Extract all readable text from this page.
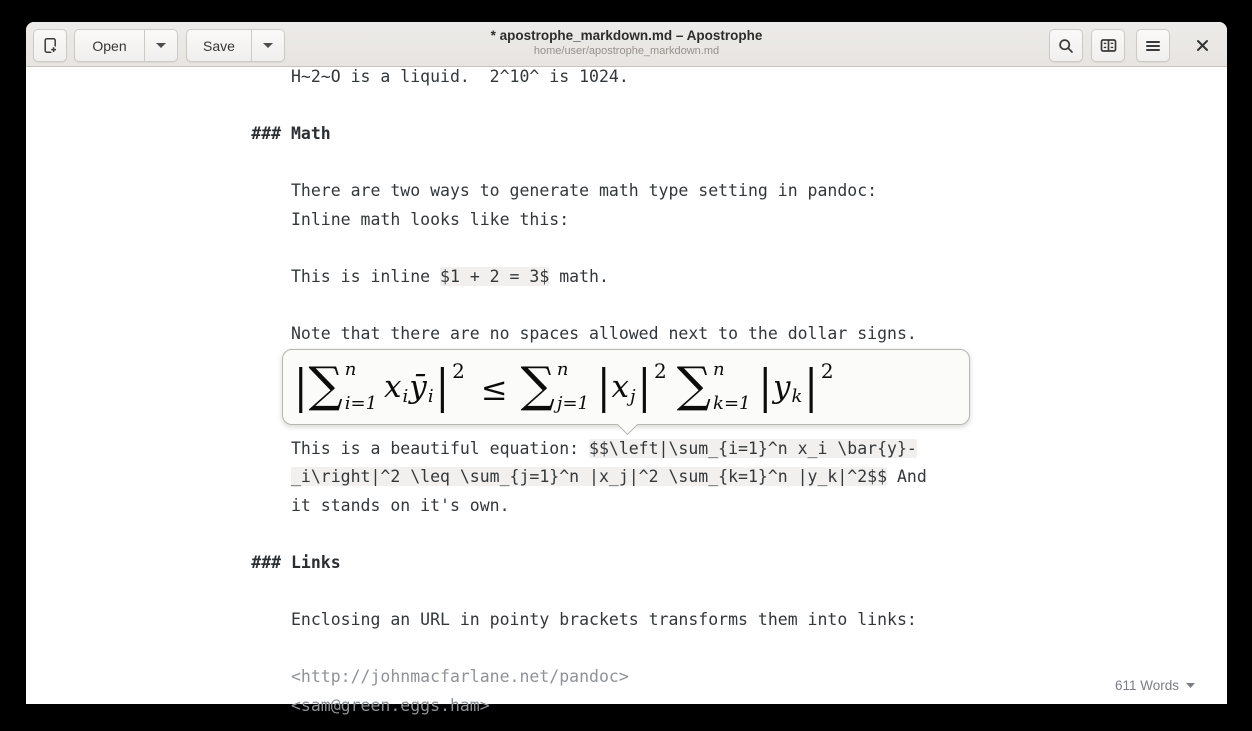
Open	Save
* apostrophe_markdown.md – Apostrophe
home/user/apostrophe_markdown.md
H~2~O is a liquid.  2^10^ is 1024.

### Math

There are two ways to generate math type setting in pandoc:
Inline math looks like this:

This is inline $1 + 2 = 3$ math.

Note that there are no spaces allowed next to the dollar signs.

This is a beautiful equation: $$\left|\sum_{i=1}^n x_i \bar{y}-
_i\right|^2 \leq \sum_{j=1}^n |x_j|^2 \sum_{k=1}^n |y_k|^2$$ And
it stands on it's own.

### Links

Enclosing an URL in pointy brackets transforms them into links:

<http://johnmacfarlane.net/pandoc>
<sam@green.eggs.ham>
| ∑ n
i=1 x i ȳ i | 2 ≤ ∑ n
j=1 | x j | 2 ∑ n
k=1 | y k | 2
611 Words
